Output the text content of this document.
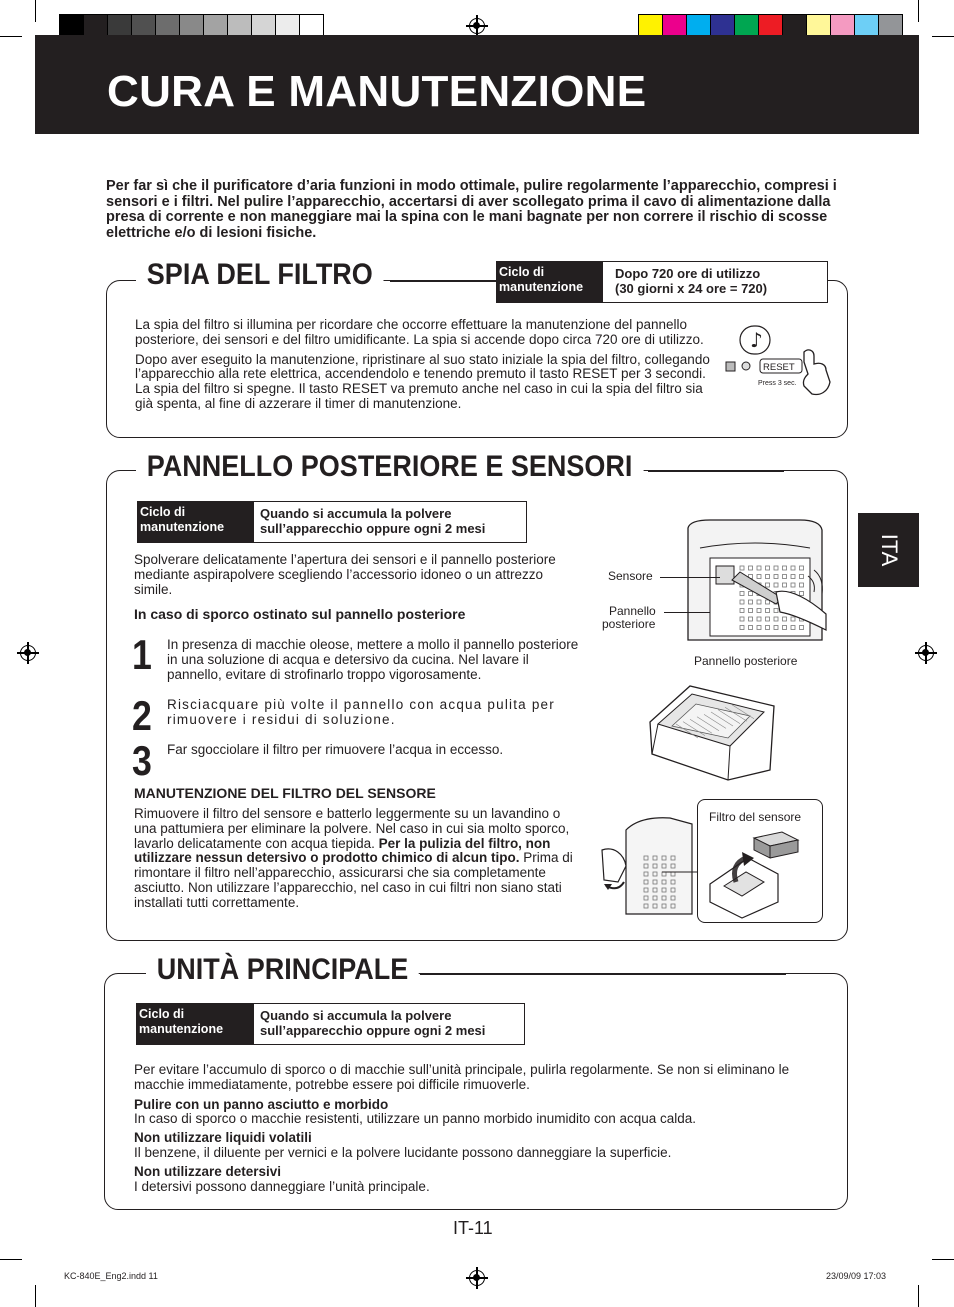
CURA E MANUTENZIONE

Per far sì che il purificatore d’aria funzioni in modo ottimale, pulire regolarmente l’apparecchio, compresi i sensori e i filtri. Nel pulire l’apparecchio, accertarsi di aver scollegato prima il cavo di alimentazione dalla presa di corrente e non maneggiare mai la spina con le mani bagnate per non correre il rischio di scosse elettriche e/o di lesioni fisiche.

SPIA DEL FILTRO	Ciclo di manutenzione
Dopo 720 ore di utilizzo
(30 giorni x 24 ore = 720)

La spia del filtro si illumina per ricordare che occorre effettuare la manutenzione del pannello posteriore, dei sensori e del filtro umidificante. La spia si accende dopo circa 720 ore di utilizzo.

Dopo aver eseguito la manutenzione, ripristinare al suo stato iniziale la spia del filtro, collegando l’apparecchio alla rete elettrica, accendendolo e tenendo premuto il tasto RESET per 3 secondi. La spia del filtro si spegne. Il tasto RESET va premuto anche nel caso in cui la spia del filtro sia già spenta, al fine di azzerare il timer di manutenzione.

♪
RESET
Press 3 sec.
PANNELLO POSTERIORE E SENSORI
Ciclo di manutenzione
Quando si accumula la polvere
sull’apparecchio oppure ogni 2 mesi

Spolverare delicatamente l’apertura dei sensori e il pannello posteriore mediante aspirapolvere scegliendo l’accessorio idoneo o un attrezzo simile.

In caso di sporco ostinato sul pannello posteriore

1 In presenza di macchie oleose, mettere a mollo il pannello posteriore in una soluzione di acqua e detersivo da cucina. Nel lavare il pannello, evitare di strofinarlo troppo vigorosamente.

2 Risciacquare più volte il pannello con acqua pulita per rimuovere i residui di soluzione.

3 Far sgocciolare il filtro per rimuovere l’acqua in eccesso.

MANUTENZIONE DEL FILTRO DEL SENSORE

Rimuovere il filtro del sensore e batterlo leggermente su un lavandino o una pattumiera per eliminare la polvere. Nel caso in cui sia molto sporco, lavarlo delicatamente con acqua tiepida. Per la pulizia del filtro, non utilizzare nessun detersivo o prodotto chimico di alcun tipo. Prima di rimontare il filtro nell’apparecchio, assicurarsi che sia completamente asciutto. Non utilizzare l’apparecchio, nel caso in cui filtri non siano stati installati tutti correttamente.

Sensore
Pannello
posteriore
Pannello posteriore
Filtro del sensore
UNITÀ PRINCIPALE
Ciclo di manutenzione
Quando si accumula la polvere
sull’apparecchio oppure ogni 2 mesi

Per evitare l’accumulo di sporco o di macchie sull’unità principale, pulirla regolarmente. Se non si eliminano le macchie immediatamente, potrebbe essere poi difficile rimuoverle.

Pulire con un panno asciutto e morbido

In caso di sporco o macchie resistenti, utilizzare un panno morbido inumidito con acqua calda.

Non utilizzare liquidi volatili

Il benzene, il diluente per vernici e la polvere lucidante possono danneggiare la superficie.

Non utilizzare detersivi

I detersivi possono danneggiare l’unità principale.

ITA
IT-11
KC-840E_Eng2.indd 11	23/09/09 17:03
